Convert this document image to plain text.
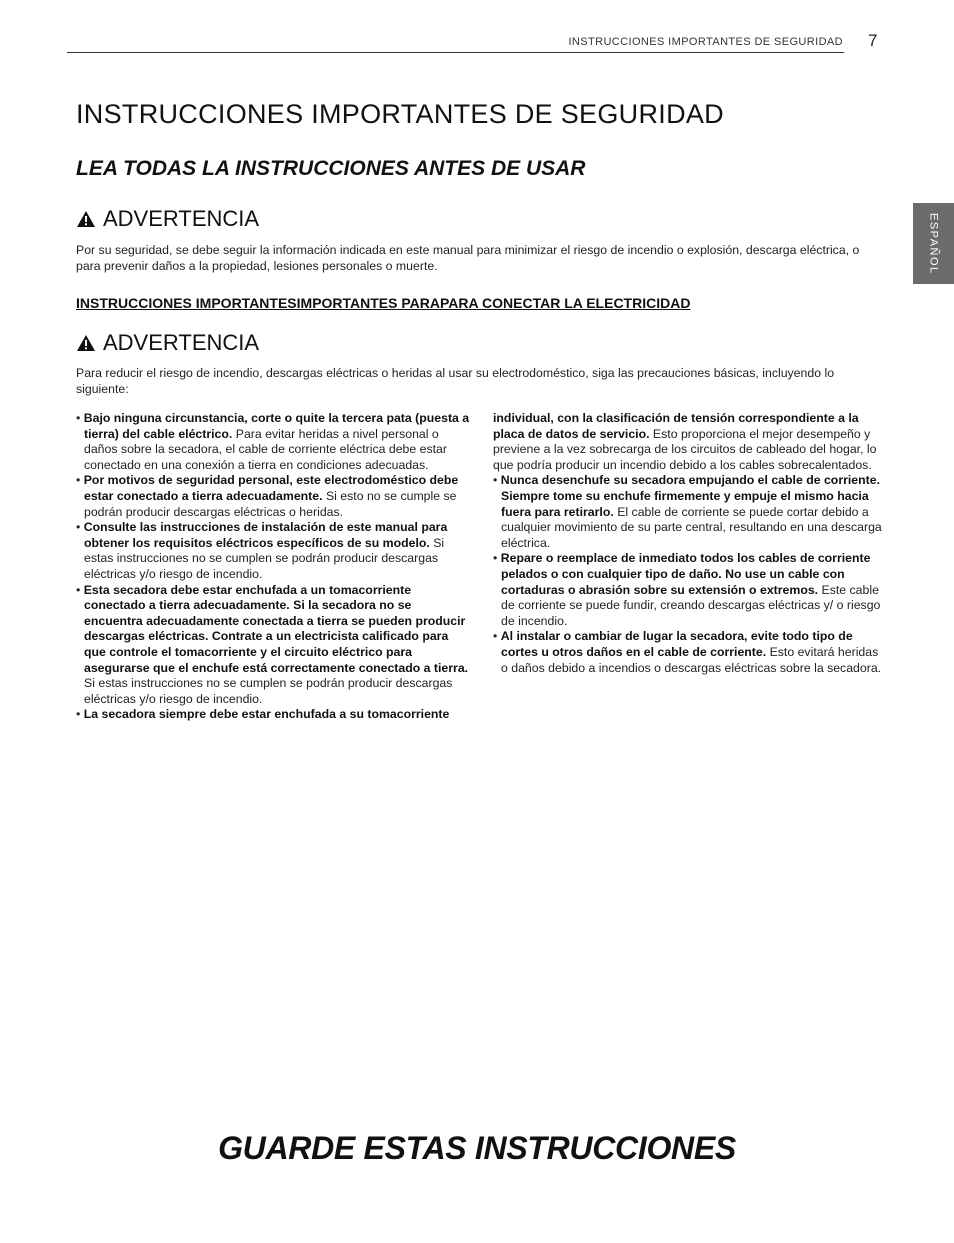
INSTRUCCIONES IMPORTANTES DE SEGURIDAD 7
ESPAÑOL
INSTRUCCIONES IMPORTANTES DE SEGURIDAD
LEA TODAS LA INSTRUCCIONES ANTES DE USAR
ADVERTENCIA
Por su seguridad, se debe seguir la información indicada en este manual para minimizar el riesgo de incendio o explosión, descarga eléctrica, o para prevenir daños a la propiedad, lesiones personales o muerte.
INSTRUCCIONES IMPORTANTESIMPORTANTES PARAPARA CONECTAR LA ELECTRICIDAD
ADVERTENCIA
Para reducir el riesgo de incendio, descargas eléctricas o heridas al usar su electrodoméstico, siga las precauciones básicas, incluyendo lo siguiente:

• Bajo ninguna circunstancia, corte o quite la tercera pata (puesta a tierra) del cable eléctrico. Para evitar heridas a nivel personal o daños sobre la secadora, el cable de corriente eléctrica debe estar conectado en una conexión a tierra en condiciones adecuadas.

• Por motivos de seguridad personal, este electrodoméstico debe estar conectado a tierra adecuadamente. Si esto no se cumple se podrán producir descargas eléctricas o heridas.

• Consulte las instrucciones de instalación de este manual para obtener los requisitos eléctricos específicos de su modelo. Si estas instrucciones no se cumplen se podrán producir descargas eléctricas y/o riesgo de incendio.

• Esta secadora debe estar enchufada a un tomacorriente conectado a tierra adecuadamente. Si la secadora no se encuentra adecuadamente conectada a tierra se pueden producir descargas eléctricas. Contrate a un electricista calificado para que controle el tomacorriente y el circuito eléctrico para asegurarse que el enchufe está correctamente conectado a tierra. Si estas instrucciones no se cumplen se podrán producir descargas eléctricas y/o riesgo de incendio.

• La secadora siempre debe estar enchufada a su tomacorriente

individual, con la clasificación de tensión correspondiente a la placa de datos de servicio. Esto proporciona el mejor desempeño y previene a la vez sobrecarga de los circuitos de cableado del hogar, lo que podría producir un incendio debido a los cables sobrecalentados.

• Nunca desenchufe su secadora empujando el cable de corriente. Siempre tome su enchufe firmemente y empuje el mismo hacia fuera para retirarlo. El cable de corriente se puede cortar debido a cualquier movimiento de su parte central, resultando en una descarga eléctrica.

• Repare o reemplace de inmediato todos los cables de corriente pelados o con cualquier tipo de daño. No use un cable con cortaduras o abrasión sobre su extensión o extremos. Este cable de corriente se puede fundir, creando descargas eléctricas y/ o riesgo de incendio.

• Al instalar o cambiar de lugar la secadora, evite todo tipo de cortes u otros daños en el cable de corriente. Esto evitará heridas o daños debido a incendios o descargas eléctricas sobre la secadora.

GUARDE ESTAS INSTRUCCIONES
